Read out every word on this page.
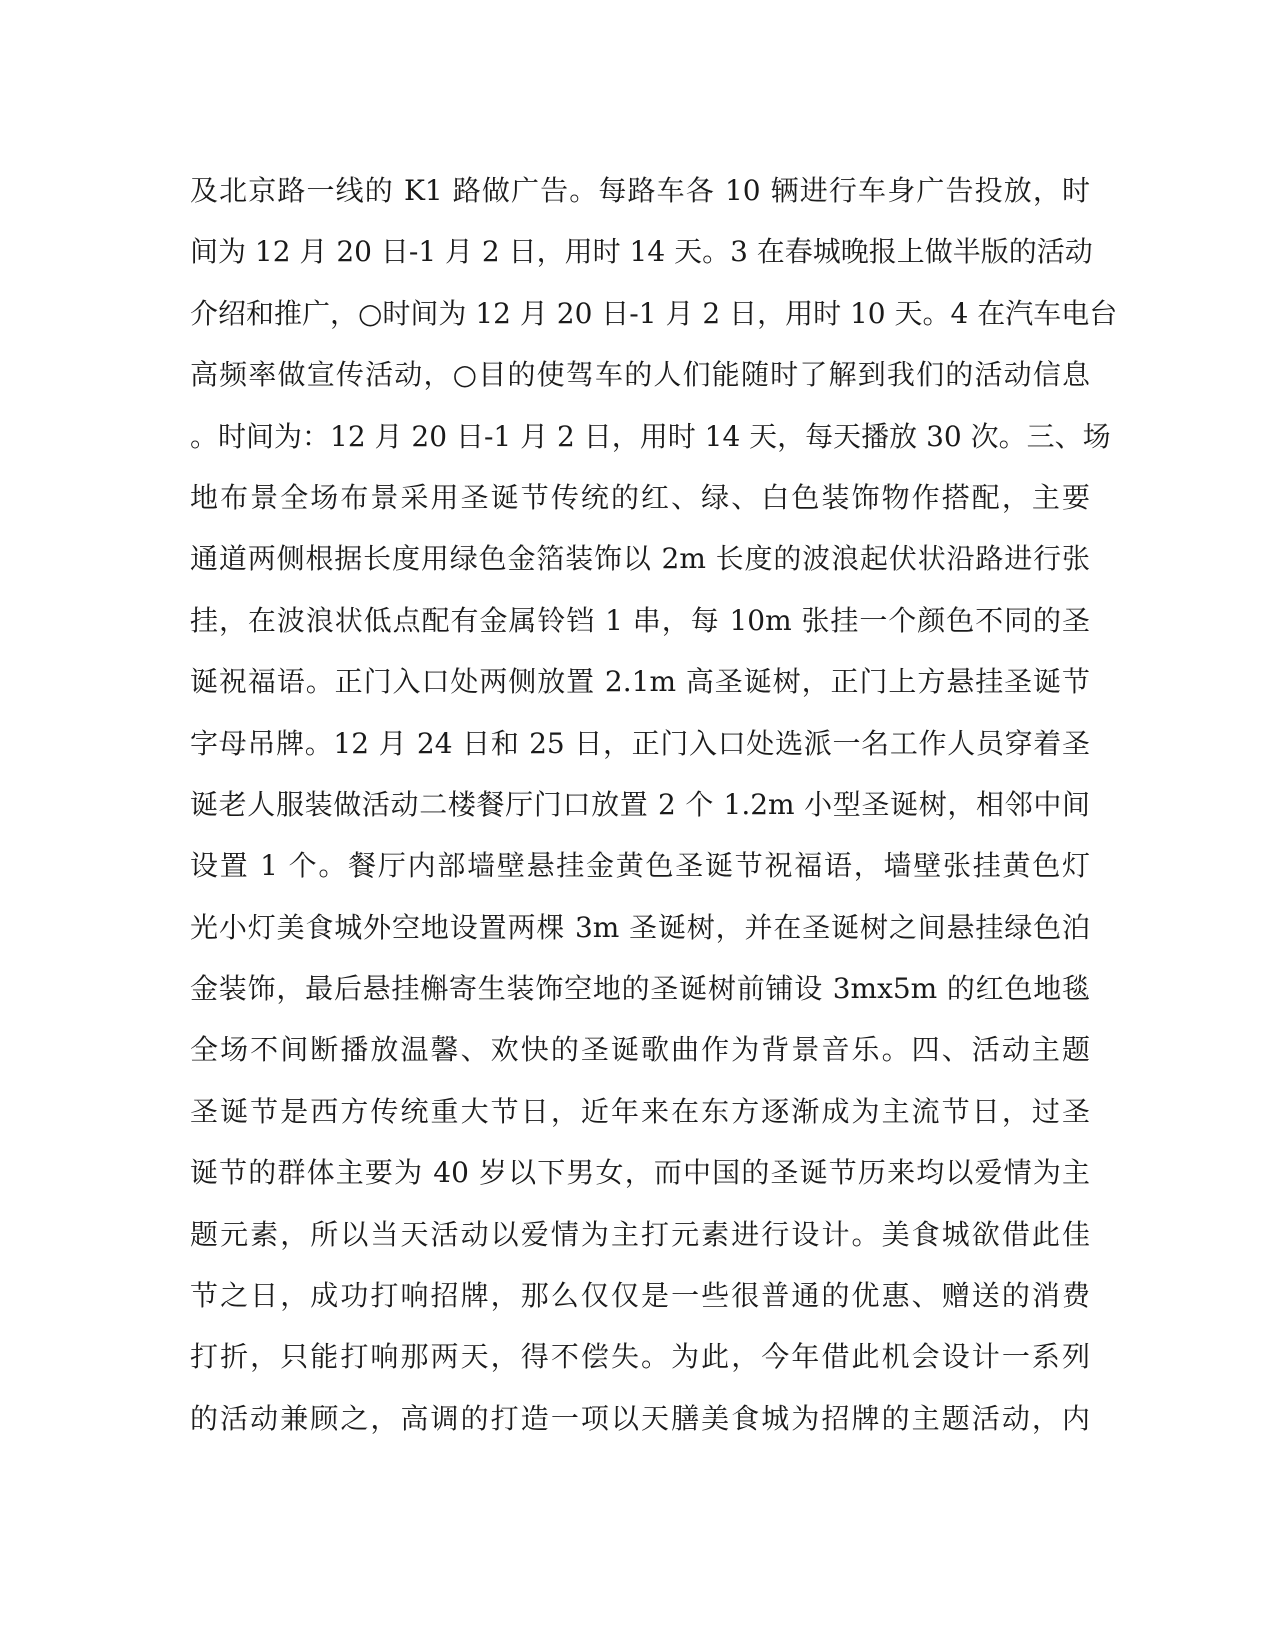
及北京路一线的 K1 路做广告。每路车各 10 辆进行车身广告投放，时
间为 12 月 20 日-1 月 2 日，用时 14 天。3 在春城晚报上做半版的活动
介绍和推广，○时间为 12 月 20 日-1 月 2 日，用时 10 天。4 在汽车电台
高频率做宣传活动，○目的使驾车的人们能随时了解到我们的活动信息
。时间为：12 月 20 日-1 月 2 日，用时 14 天，每天播放 30 次。三、场
地布景全场布景采用圣诞节传统的红、绿、白色装饰物作搭配，主要
通道两侧根据长度用绿色金箔装饰以 2m 长度的波浪起伏状沿路进行张
挂，在波浪状低点配有金属铃铛 1 串，每 10m 张挂一个颜色不同的圣
诞祝福语。正门入口处两侧放置 2.1m 高圣诞树，正门上方悬挂圣诞节
字母吊牌。12 月 24 日和 25 日，正门入口处选派一名工作人员穿着圣
诞老人服装做活动二楼餐厅门口放置 2 个 1.2m 小型圣诞树，相邻中间
设置 1 个。餐厅内部墙壁悬挂金黄色圣诞节祝福语，墙壁张挂黄色灯
光小灯美食城外空地设置两棵 3m 圣诞树，并在圣诞树之间悬挂绿色泊
金装饰，最后悬挂槲寄生装饰空地的圣诞树前铺设 3mx5m 的红色地毯
全场不间断播放温馨、欢快的圣诞歌曲作为背景音乐。四、活动主题
圣诞节是西方传统重大节日，近年来在东方逐渐成为主流节日，过圣
诞节的群体主要为 40 岁以下男女，而中国的圣诞节历来均以爱情为主
题元素，所以当天活动以爱情为主打元素进行设计。美食城欲借此佳
节之日，成功打响招牌，那么仅仅是一些很普通的优惠、赠送的消费
打折，只能打响那两天，得不偿失。为此，今年借此机会设计一系列
的活动兼顾之，高调的打造一项以天膳美食城为招牌的主题活动，内
